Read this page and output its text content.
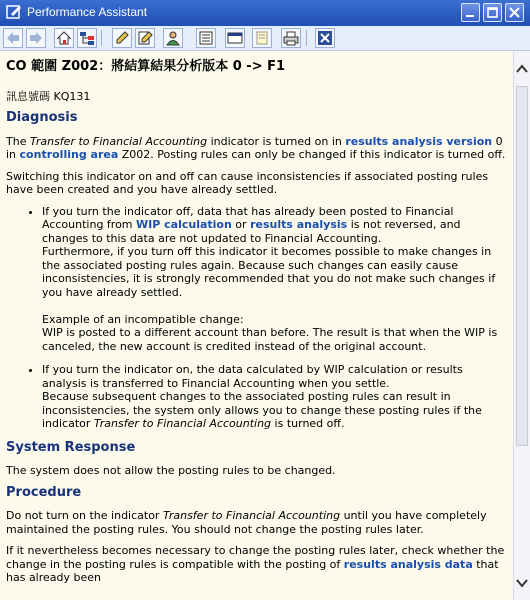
Performance Assistant
CO 範圍 Z002：將結算結果分析版本 0 -> F1

訊息號碼 KQ131

Diagnosis

The Transfer to Financial Accounting indicator is turned on in results analysis version 0 in controlling area Z002. Posting rules can only be changed if this indicator is turned off.

Switching this indicator on and off can cause inconsistencies if associated posting rules have been created and you have already settled.

• If you turn the indicator off, data that has already been posted to Financial Accounting from WIP calculation or results analysis is not reversed, and changes to this data are not updated to Financial Accounting.
Furthermore, if you turn off this indicator it becomes possible to make changes in the associated posting rules again. Because such changes can easily cause inconsistencies, it is strongly recommended that you do not make such changes if you have already settled.

Example of an incompatible change:
WIP is posted to a different account than before. The result is that when the WIP is canceled, the new account is credited instead of the original account.
• If you turn the indicator on, the data calculated by WIP calculation or results analysis is transferred to Financial Accounting when you settle.
Because subsequent changes to the associated posting rules can result in inconsistencies, the system only allows you to change these posting rules if the indicator Transfer to Financial Accounting is turned off.
System Response

The system does not allow the posting rules to be changed.

Procedure

Do not turn on the indicator Transfer to Financial Accounting until you have completely maintained the posting rules. You should not change the posting rules later.

If it nevertheless becomes necessary to change the posting rules later, check whether the change in the posting rules is compatible with the posting of results analysis data that has already been
